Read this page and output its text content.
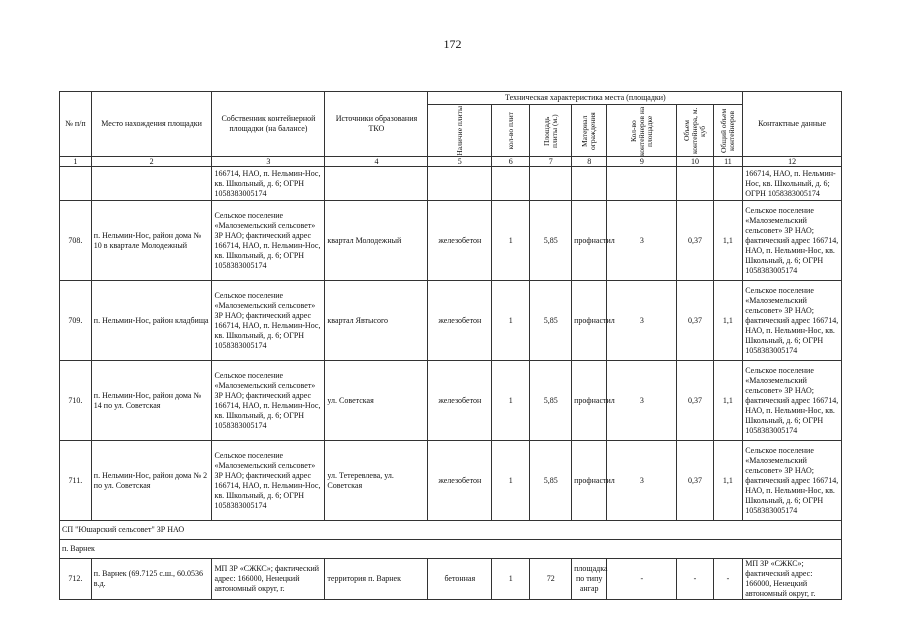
172
№ п/п	Место нахождения площадки	Собственник контейнерной площадки (на балансе)	Источники образования ТКО	Техническая характеристика места (площадки)							Контактные данные

				Наличие плиты	кол-во плит	Площадь плиты (м.)	Материал ограждения	Кол-во контейнеров на площадке	Объем контейнера, м. куб	Общий объем контейнеров	

1	2	3	4	5	6	7	8	9	10	11	12
		166714, НАО, п. Нельмин-Нос, кв. Школьный, д. 6; ОГРН 1058383005174									166714, НАО, п. Нельмин-Нос, кв. Школьный, д. 6; ОГРН 1058383005174
708.	п. Нельмин-Нос, район дома № 10 в квартале Молодежный	Сельское поселение «Малоземельский сельсовет» ЗР НАО; фактический адрес 166714, НАО, п. Нельмин-Нос, кв. Школьный, д. 6; ОГРН 1058383005174	квартал Молодежный	железобетон	1	5,85	профнастил	3	0,37	1,1	Сельское поселение «Малоземельский сельсовет» ЗР НАО; фактический адрес 166714, НАО, п. Нельмин-Нос, кв. Школьный, д. 6; ОГРН 1058383005174
709.	п. Нельмин-Нос, район кладбища	Сельское поселение «Малоземельский сельсовет» ЗР НАО; фактический адрес 166714, НАО, п. Нельмин-Нос, кв. Школьный, д. 6; ОГРН 1058383005174	квартал Явтысого	железобетон	1	5,85	профнастил	3	0,37	1,1	Сельское поселение «Малоземельский сельсовет» ЗР НАО; фактический адрес 166714, НАО, п. Нельмин-Нос, кв. Школьный, д. 6; ОГРН 1058383005174
710.	п. Нельмин-Нос, район дома № 14 по ул. Советская	Сельское поселение «Малоземельский сельсовет» ЗР НАО; фактический адрес 166714, НАО, п. Нельмин-Нос, кв. Школьный, д. 6; ОГРН 1058383005174	ул. Советская	железобетон	1	5,85	профнастил	3	0,37	1,1	Сельское поселение «Малоземельский сельсовет» ЗР НАО; фактический адрес 166714, НАО, п. Нельмин-Нос, кв. Школьный, д. 6; ОГРН 1058383005174
711.	п. Нельмин-Нос, район дома № 2 по ул. Советская	Сельское поселение «Малоземельский сельсовет» ЗР НАО; фактический адрес 166714, НАО, п. Нельмин-Нос, кв. Школьный, д. 6; ОГРН 1058383005174	ул. Тетеревлева, ул. Советская	железобетон	1	5,85	профнастил	3	0,37	1,1	Сельское поселение «Малоземельский сельсовет» ЗР НАО; фактический адрес 166714, НАО, п. Нельмин-Нос, кв. Школьный, д. 6; ОГРН 1058383005174
СП "Юшарский сельсовет" ЗР НАО											
п. Варнек											
712.	п. Варнек (69.7125 с.ш., 60.0536 в.д.	МП ЗР «СЖКС»; фактический адрес: 166000, Ненецкий автономный округ, г.	территория п. Варнек	бетонная	1	72	площадка по типу ангар	-	-	-	МП ЗР «СЖКС»; фактический адрес: 166000, Ненецкий автономный округ, г.
